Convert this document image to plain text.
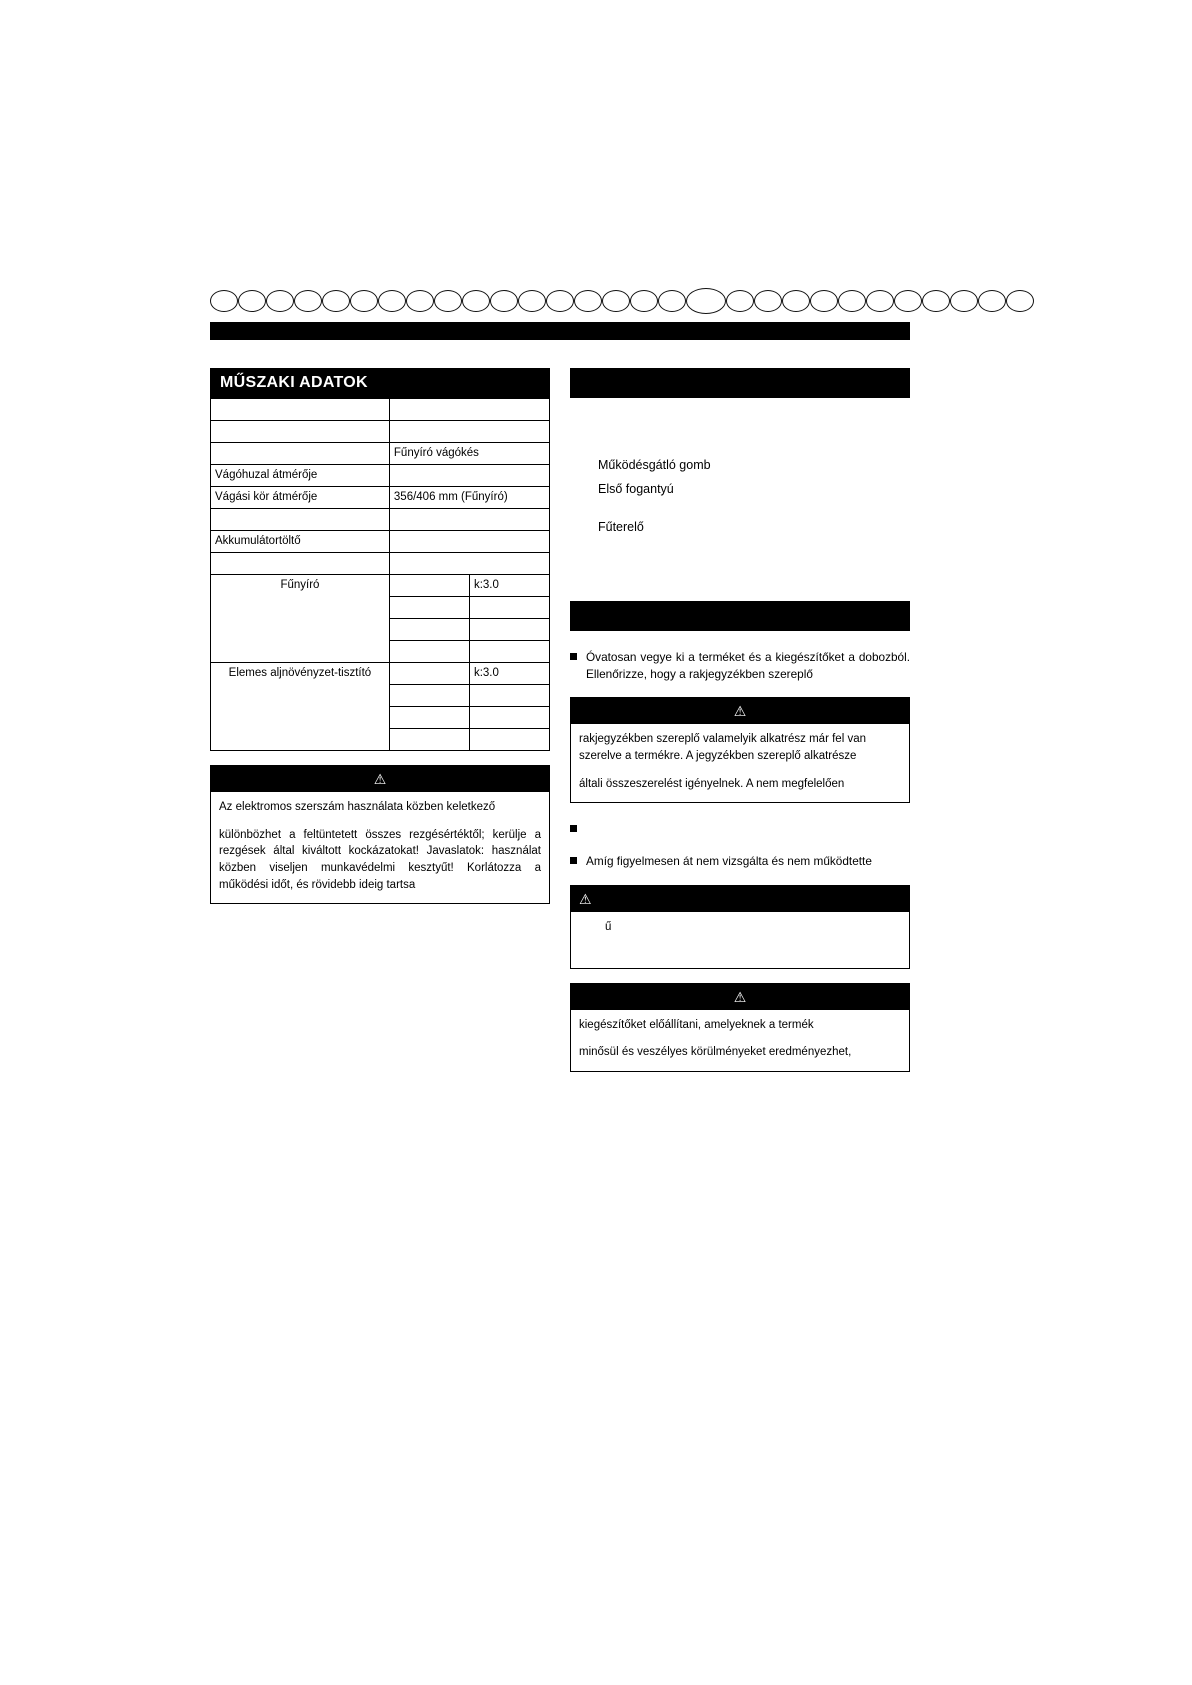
MŰSZAKI ADATOK

	Fűnyíró vágókés	
Vágóhuzal átmérője		
Vágási kör átmérője	356/406 mm (Fűnyíró)	

Akkumulátortöltő		

Fűnyíró		k:3.0

Elemes aljnövényzet-tisztító		k:3.0

⚠

Az elektromos szerszám használata közben keletkező

különbözhet a feltüntetett összes rezgésértéktől; kerülje a rezgések által kiváltott kockázatokat! Javaslatok: használat közben viseljen munkavédelmi kesztyűt! Korlátozza a működési időt, és rövidebb ideig tartsa

Működésgátló gomb
Első fogantyú
Fűterelő
Óvatosan vegye ki a terméket és a kiegészítőket a dobozból. Ellenőrizze, hogy a rakjegyzékben szereplő
⚠

rakjegyzékben szereplő valamelyik alkatrész már fel van szerelve a termékre. A jegyzékben szereplő alkatrésze

általi összeszerelést igényelnek. A nem megfelelően

Amíg figyelmesen át nem vizsgálta és nem működtette
⚠

ű

⚠

kiegészítőket előállítani, amelyeknek a termék

minősül és veszélyes körülményeket eredményezhet,
